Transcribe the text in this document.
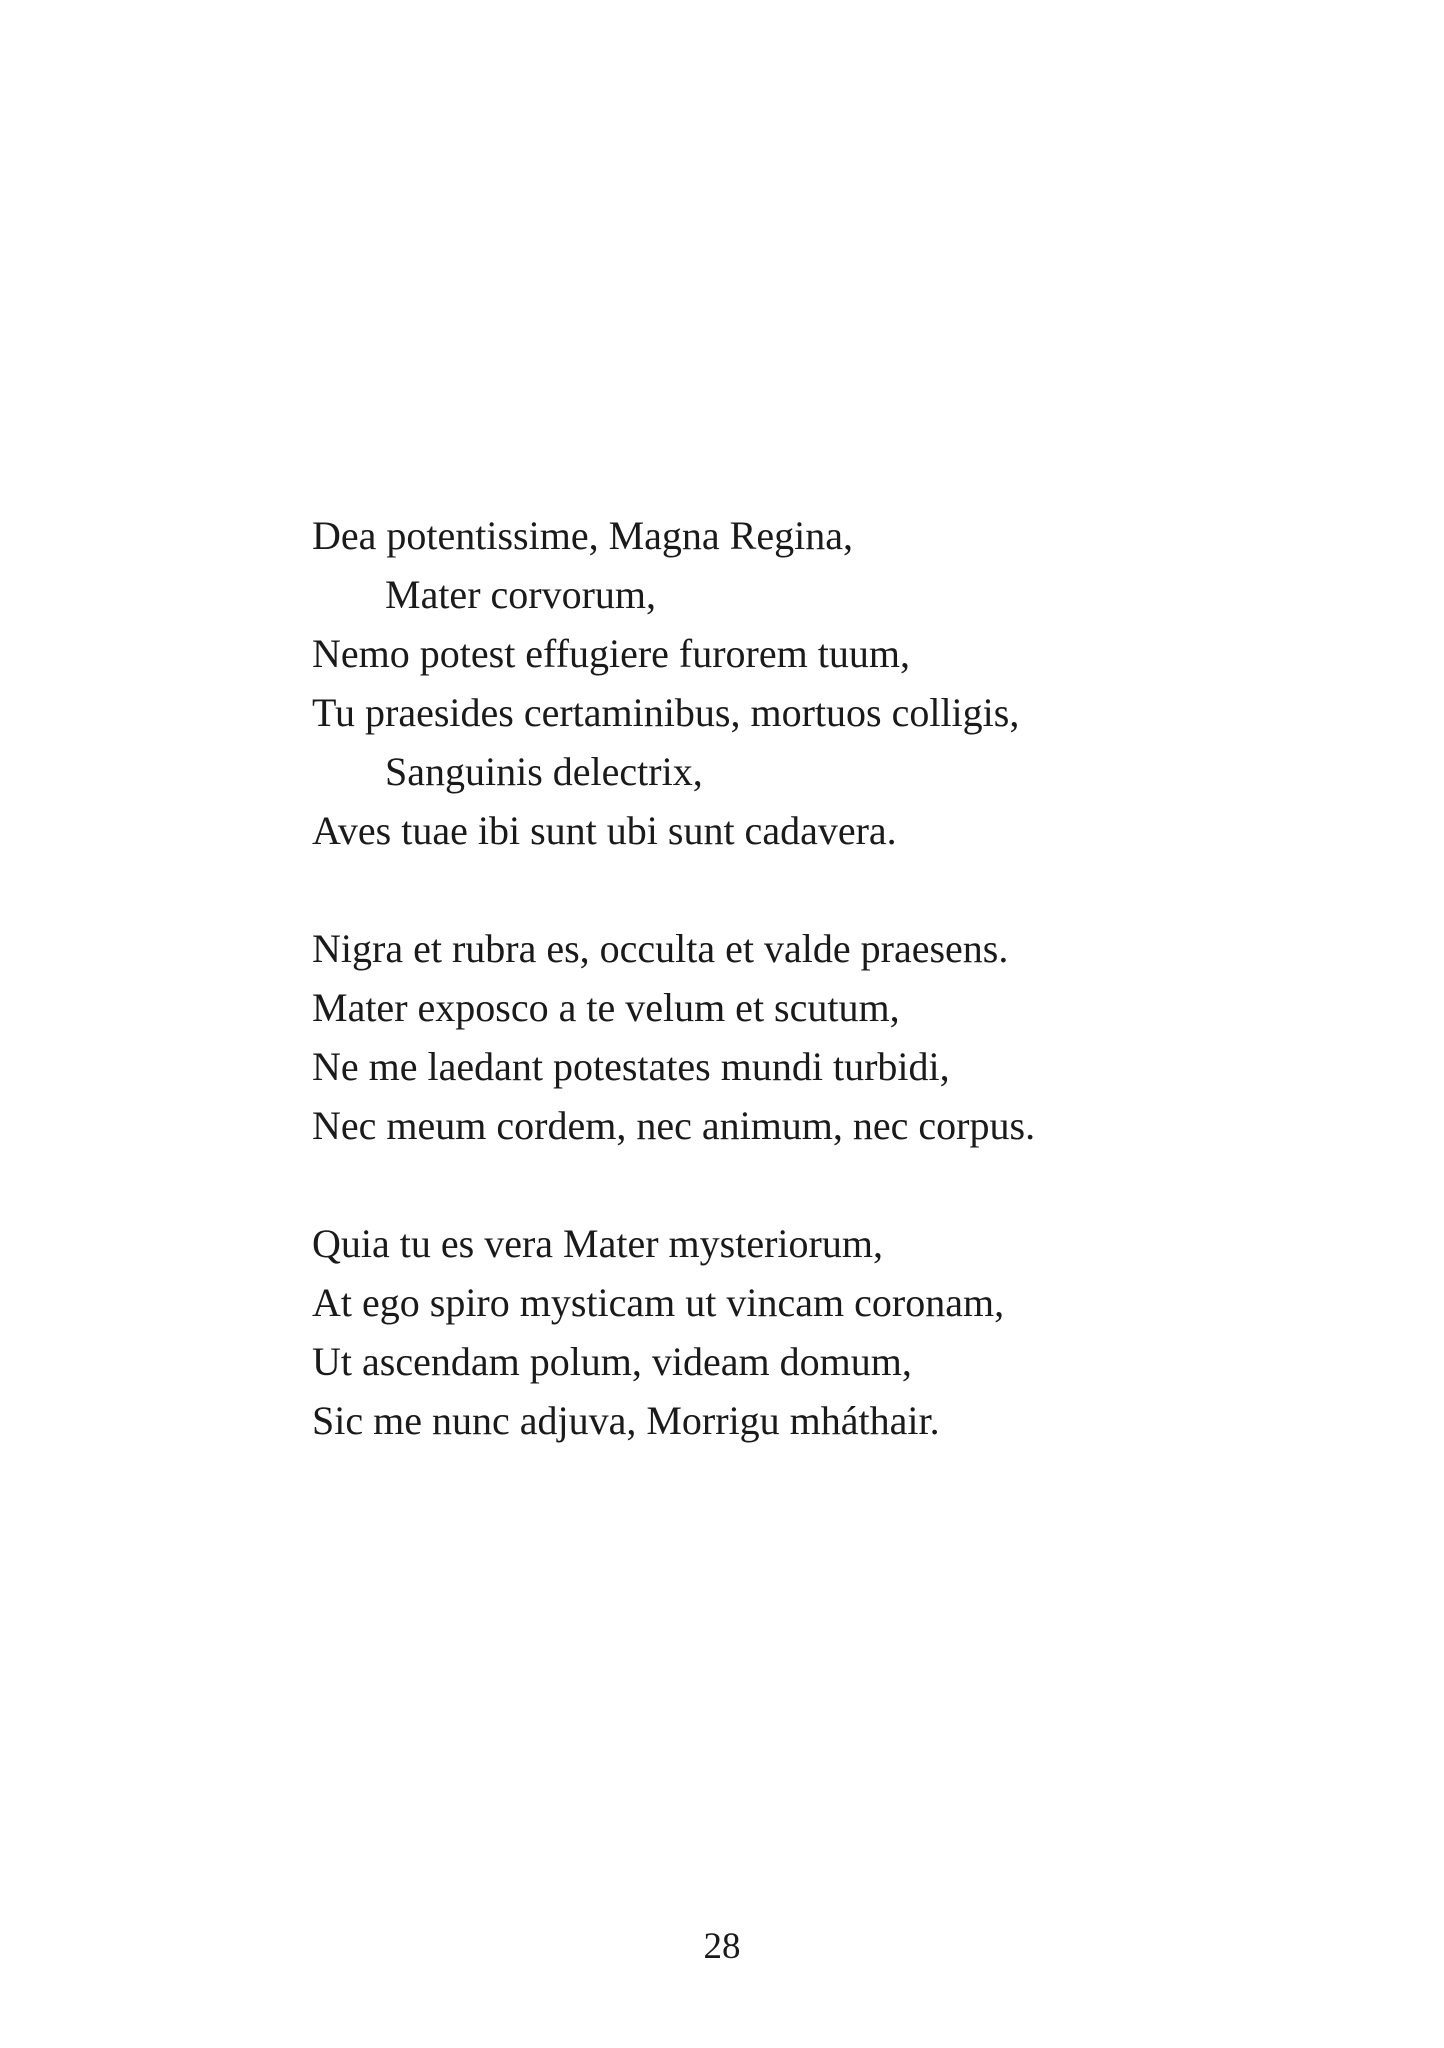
Dea potentissime, Magna Regina,
Mater corvorum,
Nemo potest effugiere furorem tuum,
Tu praesides certaminibus, mortuos colligis,
Sanguinis delectrix,
Aves tuae ibi sunt ubi sunt cadavera.
Nigra et rubra es, occulta et valde praesens.
Mater exposco a te velum et scutum,
Ne me laedant potestates mundi turbidi,
Nec meum cordem, nec animum, nec corpus.
Quia tu es vera Mater mysteriorum,
At ego spiro mysticam ut vincam coronam,
Ut ascendam polum, videam domum,
Sic me nunc adjuva, Morrigu mháthair.
28
